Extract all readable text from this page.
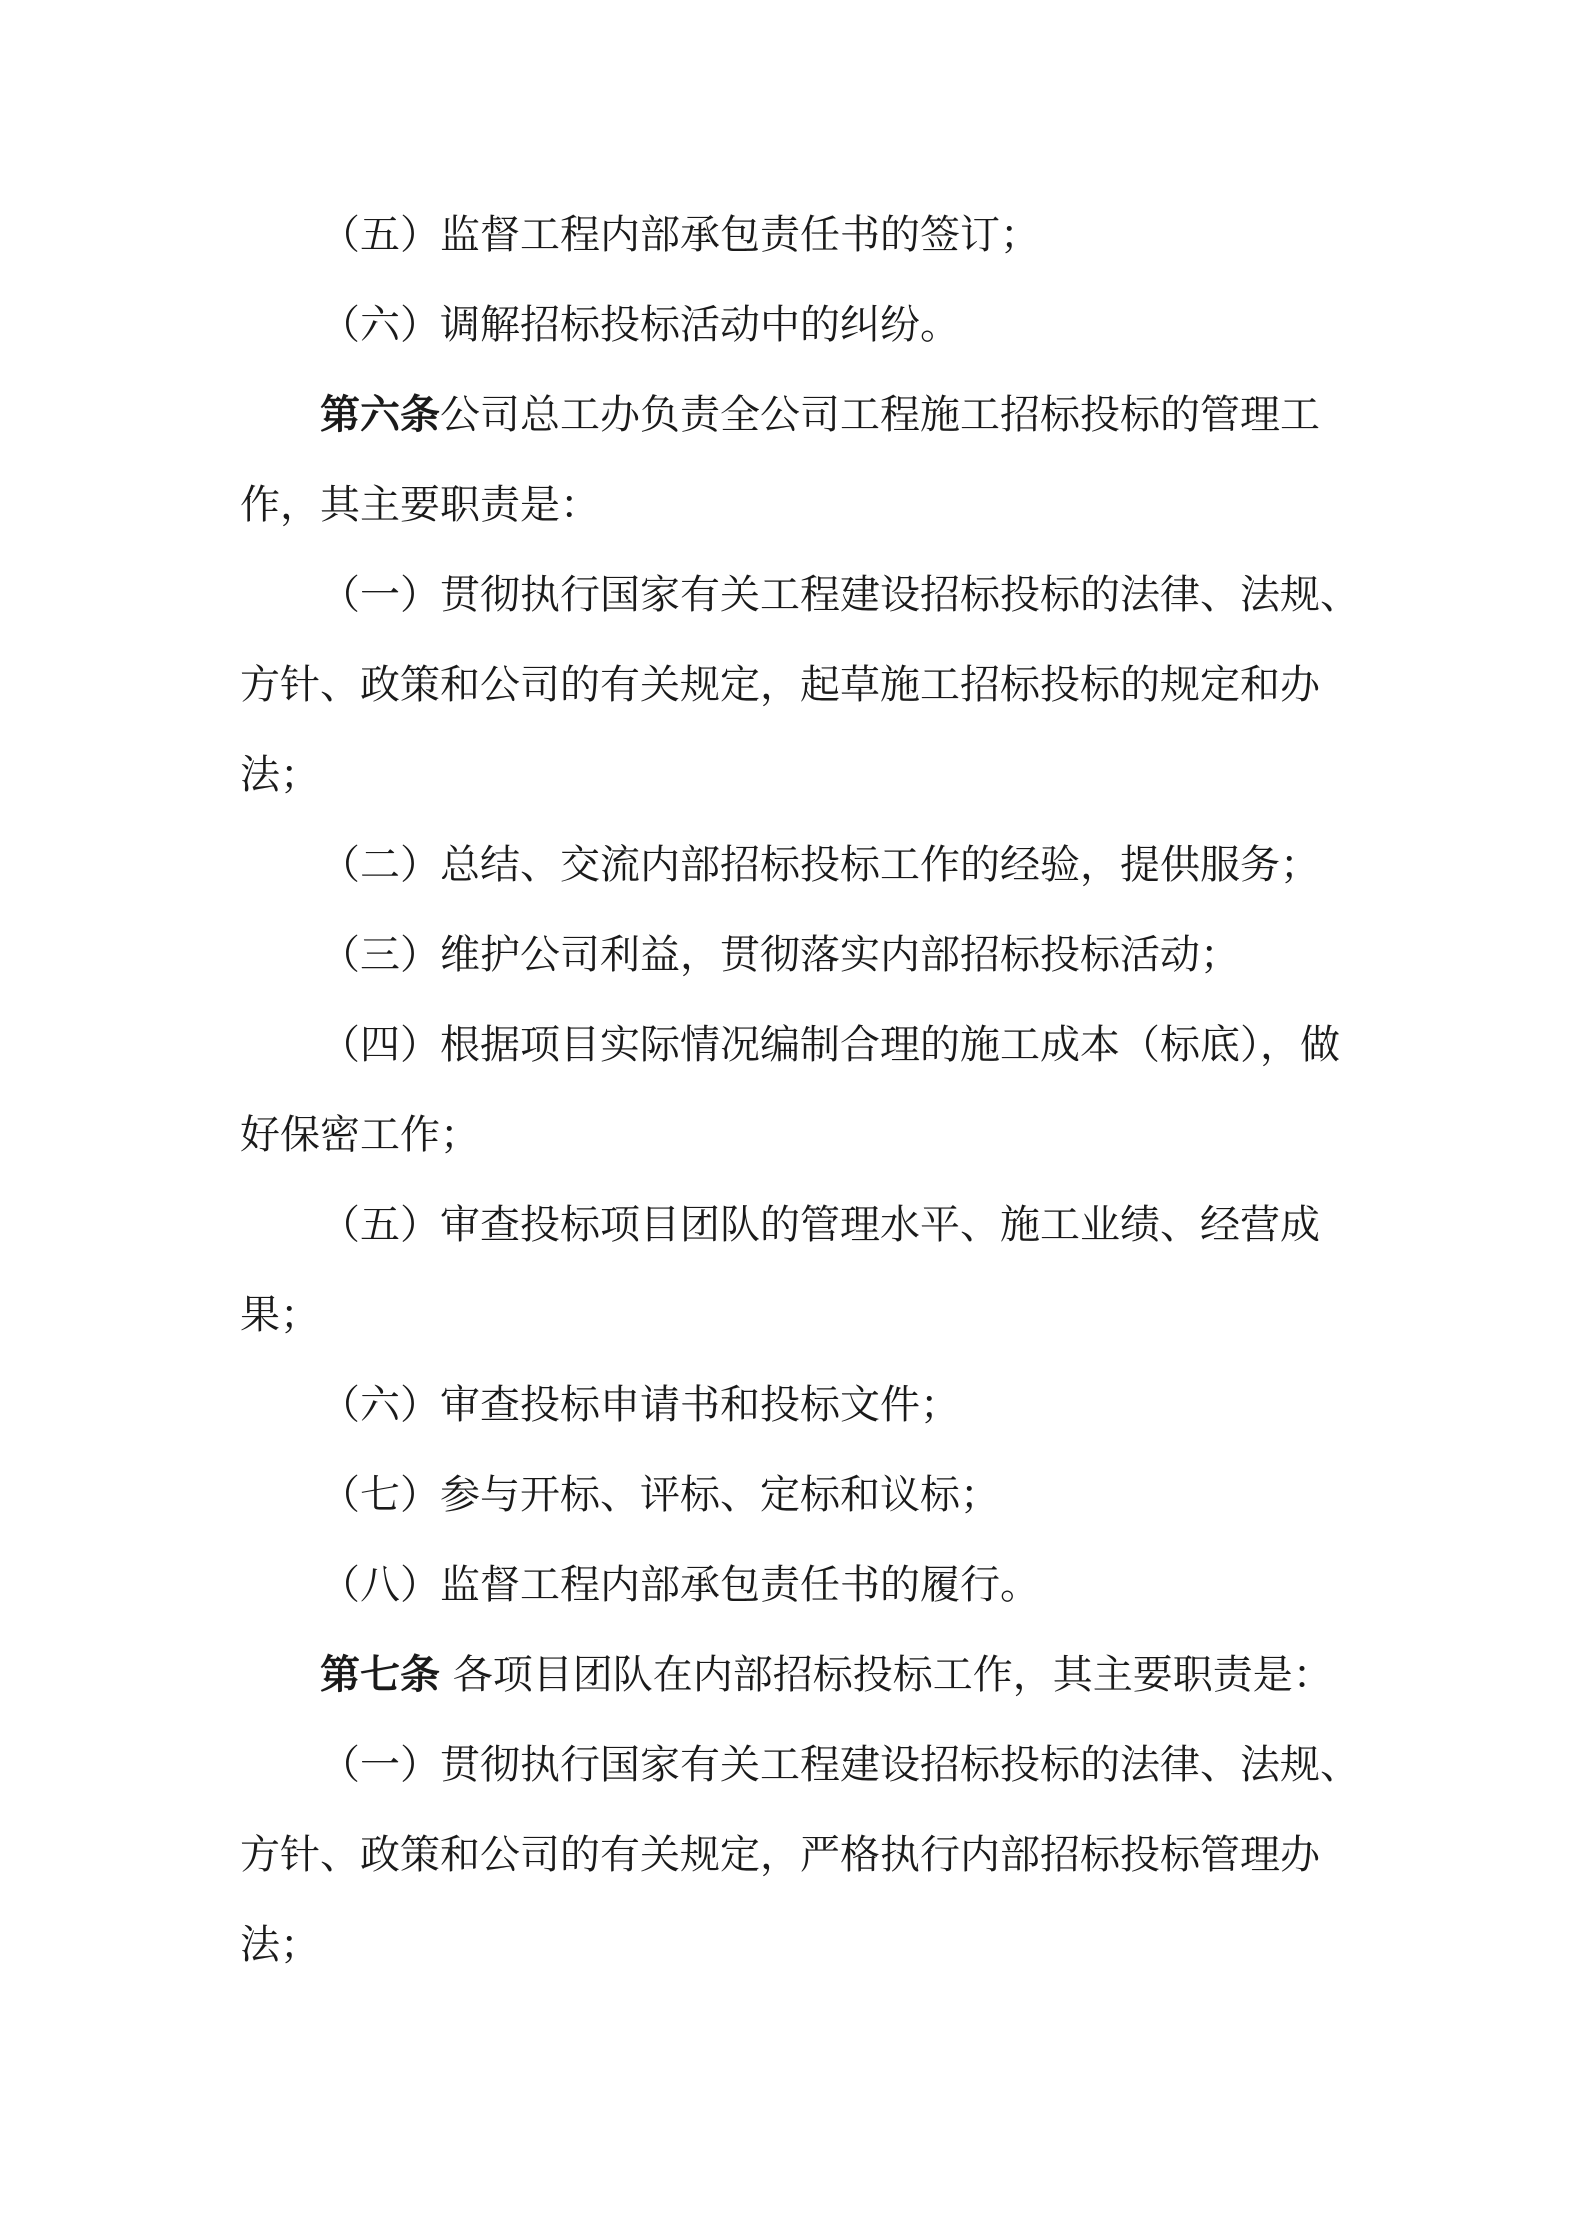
（五）监督工程内部承包责任书的签订；

（六）调解招标投标活动中的纠纷。

第六条公司总工办负责全公司工程施工招标投标的管理工作，其主要职责是：

（一）贯彻执行国家有关工程建设招标投标的法律、法规、方针、政策和公司的有关规定，起草施工招标投标的规定和办法；

（二）总结、交流内部招标投标工作的经验，提供服务；

（三）维护公司利益，贯彻落实内部招标投标活动；

（四）根据项目实际情况编制合理的施工成本（标底），做好保密工作；

（五）审查投标项目团队的管理水平、施工业绩、经营成果；

（六）审查投标申请书和投标文件；

（七）参与开标、评标、定标和议标；

（八）监督工程内部承包责任书的履行。

第七条 各项目团队在内部招标投标工作，其主要职责是：

（一）贯彻执行国家有关工程建设招标投标的法律、法规、方针、政策和公司的有关规定，严格执行内部招标投标管理办法；
